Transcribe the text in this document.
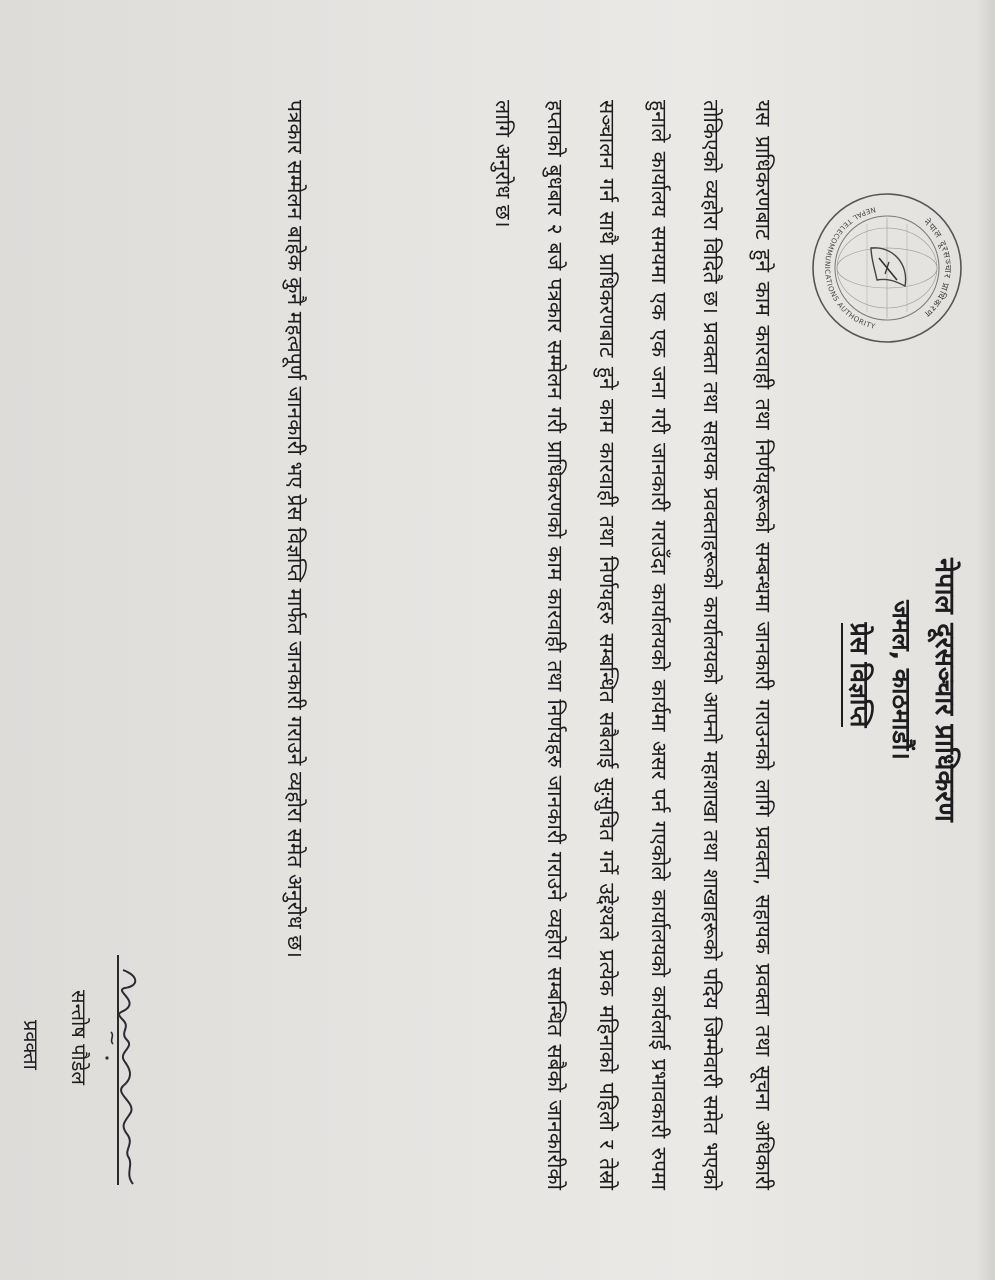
नेपाल दूरसञ्चार प्राधिकरण
जमल, काठमाडौं।
प्रेस विज्ञप्ति
नेपाल दूरसञ्चार प्राधिकरण
NEPAL TELECOMMUNICATIONS AUTHORITY

यस प्राधिकरणबाट हुने काम कारवाही तथा निर्णयहरूको सम्बन्धमा जानकारी गराउनको लागि प्रवक्ता, सहायक प्रवक्ता तथा सूचना अधिकारी तोकिएको व्यहोरा विदितै छ। प्रवक्ता तथा सहायक प्रवक्ताहरूको कार्यालयको आफ्नो महाशाखा तथा शाखाहरूको पदिय जिम्मेवारी समेत भएको हुनाले कार्यालय समयमा एक एक जना गरी जानकारी गराउँदा कार्यालयको कार्यमा असर पर्न गएकोले कार्यालयको कार्यलाई प्रभावकारी रुपमा सञ्चालन गर्न साथै प्राधिकरणबाट हुने काम कारवाही तथा निर्णयहरु सम्बन्धित सबैलाई सुःसुचित गर्ने उद्देश्यले प्रत्येक महिनाको पहिलो र तेस्रो हप्ताको बुधबार २ बजे पत्रकार सम्मेलन गरी प्राधिकरणको काम कारवाही तथा निर्णयहरु जानकारी गराउने व्यहोरा सम्बन्धित सबैको जानकारीको लागि अनुरोध छ।

पत्रकार सम्मेलन बाहेक कुनै महत्वपूर्ण जानकारी भए प्रेस विज्ञप्ति मार्फत जानकारी गराउने व्यहोरा समेत अनुरोध छ।

सन्तोष पौडेल
प्रवक्ता
